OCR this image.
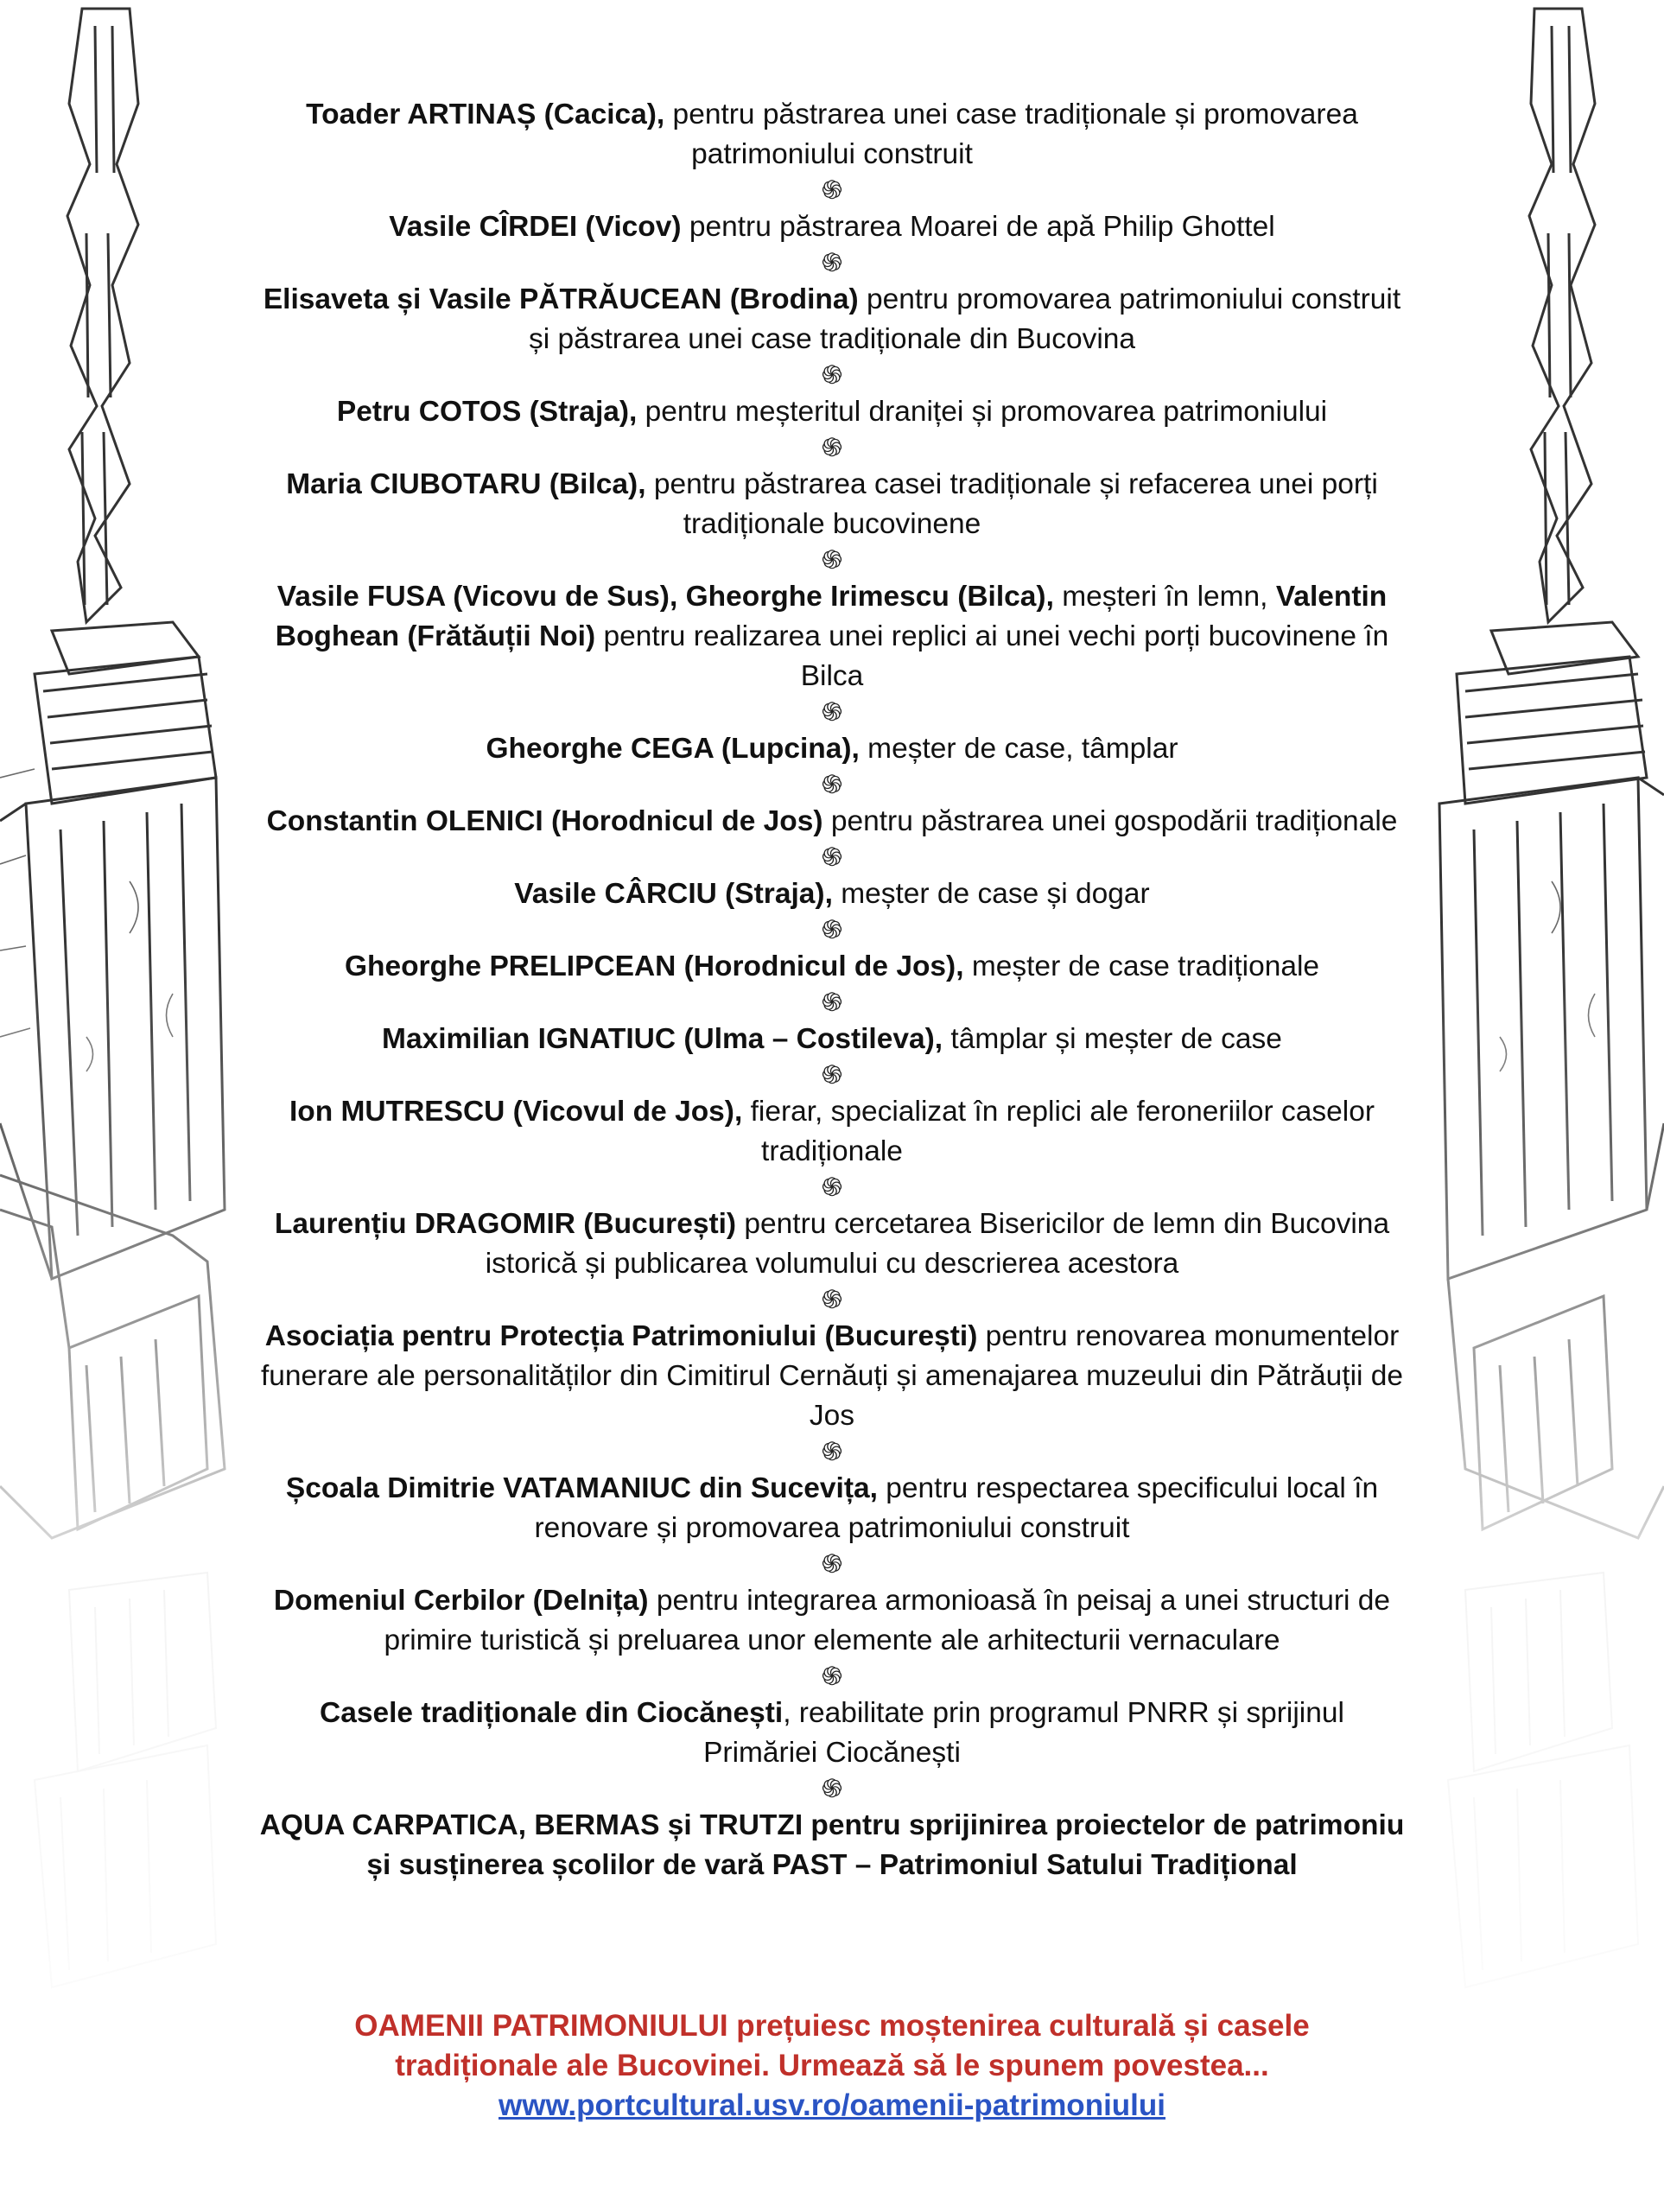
Toader ARTINAȘ (Cacica), pentru păstrarea unei case tradiționale și promovarea patrimoniului construit

֍

Vasile CÎRDEI (Vicov) pentru păstrarea Moarei de apă Philip Ghottel

֍

Elisaveta și Vasile PĂTRĂUCEAN (Brodina) pentru promovarea patrimoniului construit și păstrarea unei case tradiționale din Bucovina

֍

Petru COTOS (Straja), pentru meșteritul draniței și promovarea patrimoniului

֍

Maria CIUBOTARU (Bilca), pentru păstrarea casei tradiționale și refacerea unei porți tradiționale bucovinene

֍

Vasile FUSA (Vicovu de Sus), Gheorghe Irimescu (Bilca), meșteri în lemn, Valentin Boghean (Frătăuții Noi) pentru realizarea unei replici ai unei vechi porți bucovinene în Bilca

֍

Gheorghe CEGA (Lupcina), meșter de case, tâmplar

֍

Constantin OLENICI (Horodnicul de Jos) pentru păstrarea unei gospodării tradiționale

֍

Vasile CÂRCIU (Straja), meșter de case și dogar

֍

Gheorghe PRELIPCEAN (Horodnicul de Jos), meșter de case tradiționale

֍

Maximilian IGNATIUC (Ulma – Costileva), tâmplar și meșter de case

֍

Ion MUTRESCU (Vicovul de Jos), fierar, specializat în replici ale feroneriilor caselor tradiționale

֍

Laurențiu DRAGOMIR (București) pentru cercetarea Bisericilor de lemn din Bucovina istorică și publicarea volumului cu descrierea acestora

֍

Asociația pentru Protecția Patrimoniului (București) pentru renovarea monumentelor funerare ale personalităților din Cimitirul Cernăuți și amenajarea muzeului din Pătrăuții de Jos

֍

Școala Dimitrie VATAMANIUC din Sucevița, pentru respectarea specificului local în renovare și promovarea patrimoniului construit

֍

Domeniul Cerbilor (Delnița) pentru integrarea armonioasă în peisaj a unei structuri de primire turistică și preluarea unor elemente ale arhitecturii vernaculare

֍

Casele tradiționale din Ciocănești, reabilitate prin programul PNRR și sprijinul Primăriei Ciocănești

֍

AQUA CARPATICA, BERMAS și TRUTZI pentru sprijinirea proiectelor de patrimoniu și susținerea școlilor de vară PAST – Patrimoniul Satului Tradițional

OAMENII PATRIMONIULUI prețuiesc moștenirea culturală și casele
tradiționale ale Bucovinei. Urmează să le spunem povestea...
www.portcultural.usv.ro/oamenii-patrimoniului
